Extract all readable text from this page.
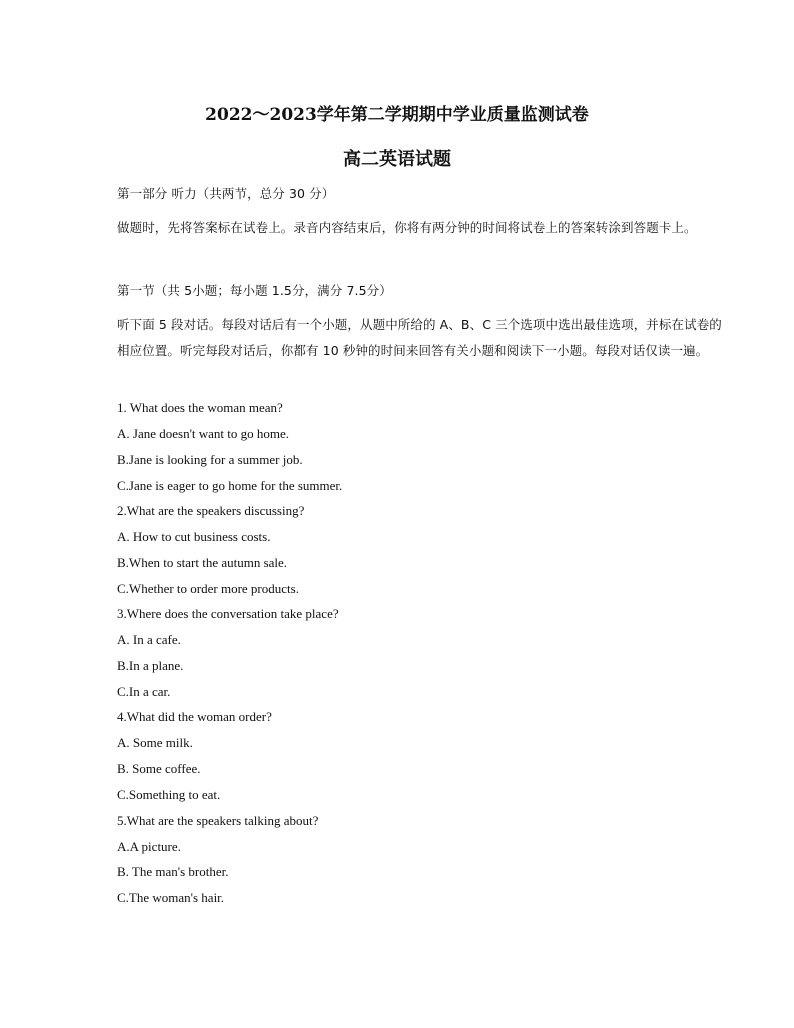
2022～2023学年第二学期期中学业质量监测试卷
高二英语试题
第一部分 听力（共两节，总分 30 分）
做题时，先将答案标在试卷上。录音内容结束后，你将有两分钟的时间将试卷上的答案转涂到答题卡上。
第一节（共 5小题；每小题 1.5分，满分 7.5分）
听下面 5 段对话。每段对话后有一个小题，从题中所给的 A、B、C 三个选项中选出最佳选项，并标在试卷的相应位置。听完每段对话后，你都有 10 秒钟的时间来回答有关小题和阅读下一小题。每段对话仅读一遍。
1. What does the woman mean?
A. Jane doesn't want to go home.
B.Jane is looking for a summer job.
C.Jane is eager to go home for the summer.
2.What are the speakers discussing?
A. How to cut business costs.
B.When to start the autumn sale.
C.Whether to order more products.
3.Where does the conversation take place?
A. In a cafe.
B.In a plane.
C.In a car.
4.What did the woman order?
A. Some milk.
B. Some coffee.
C.Something to eat.
5.What are the speakers talking about?
A.A picture.
B. The man's brother.
C.The woman's hair.
